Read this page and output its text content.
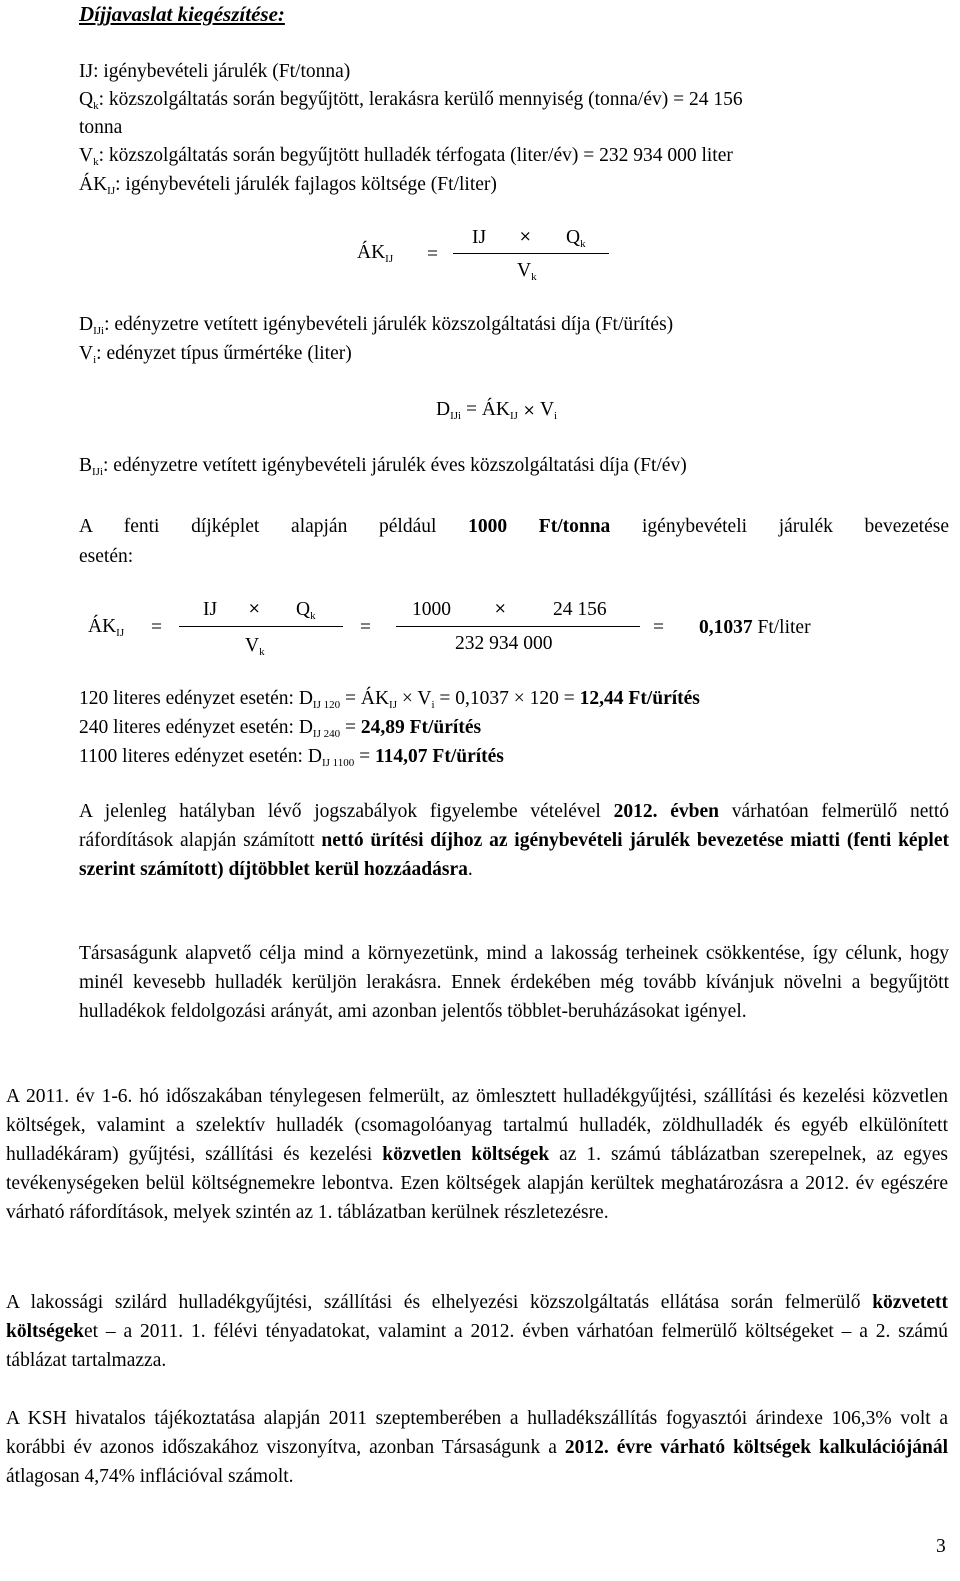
Díjjavaslat kiegészítése:
IJ: igénybevételi járulék (Ft/tonna)
$Q_k$: közszolgáltatás során begyűjtött, lerakásra kerülő mennyiség (tonna/év) = 24 156
tonna
$V_k$: közszolgáltatás során begyűjtött hulladék térfogata (liter/év) = 232 934 000 liter
$ÁK_{IJ}$: igénybevételi járulék fajlagos költsége (Ft/liter)
$ÁK_{IJ}$ =
IJ × $Q_k$
$V_k$
$D_{IJi}$: edényzetre vetített igénybevételi járulék közszolgáltatási díja (Ft/ürítés)
$V_i$: edényzet típus űrmértéke (liter)
$D_{IJi}$ = $ÁK_{IJ} \times V_i$
$B_{IJi}$: edényzetre vetített igénybevételi járulék éves közszolgáltatási díja (Ft/év)
A fenti díjképlet alapján például 1000 Ft/tonna igénybevételi járulék bevezetése
esetén:
$ÁK_{IJ}$ =
IJ × $Q_k$
$V_k$
=
1000	× 24 156
232 934 000
= 0,1037 Ft/liter
120 literes edényzet esetén: $D_{IJ 120}$ = $ÁK_{IJ} \times V_i = 0,1037 \times 120 = 12,44$ Ft/ürítés
240 literes edényzet esetén: $D_{IJ 240} = 24,89$ Ft/ürítés
1100 literes edényzet esetén: $D_{IJ 1100} = 114,07$ Ft/ürítés
A jelenleg hatályban lévő jogszabályok figyelembe vételével 2012. évben várhatóan felmerülő nettó ráfordítások alapján számított nettó ürítési díjhoz az igénybevételi járulék bevezetése miatti (fenti képlet szerint számított) díjtöbblet kerül hozzáadásra.
Társaságunk alapvető célja mind a környezetünk, mind a lakosság terheinek csökkentése, így célunk, hogy minél kevesebb hulladék kerüljön lerakásra. Ennek érdekében még tovább kívánjuk növelni a begyűjtött hulladékok feldolgozási arányát, ami azonban jelentős többlet-beruházásokat igényel.
A 2011. év 1-6. hó időszakában ténylegesen felmerült, az ömlesztett hulladékgyűjtési, szállítási és kezelési közvetlen költségek, valamint a szelektív hulladék (csomagolóanyag tartalmú hulladék, zöldhulladék és egyéb elkülönített hulladékáram) gyűjtési, szállítási és kezelési közvetlen költségek az 1. számú táblázatban szerepelnek, az egyes tevékenységeken belül költségnemekre lebontva. Ezen költségek alapján kerültek meghatározásra a 2012. év egészére várható ráfordítások, melyek szintén az 1. táblázatban kerülnek részletezésre.
A lakossági szilárd hulladékgyűjtési, szállítási és elhelyezési közszolgáltatás ellátása során felmerülő közvetett költségeket – a 2011. 1. félévi tényadatokat, valamint a 2012. évben várhatóan felmerülő költségeket – a 2. számú táblázat tartalmazza.
A KSH hivatalos tájékoztatása alapján 2011 szeptemberében a hulladékszállítás fogyasztói árindexe 106,3% volt a korábbi év azonos időszakához viszonyítva, azonban Társaságunk a 2012. évre várható költségek kalkulációjánál átlagosan 4,74% inflációval számolt.
3
